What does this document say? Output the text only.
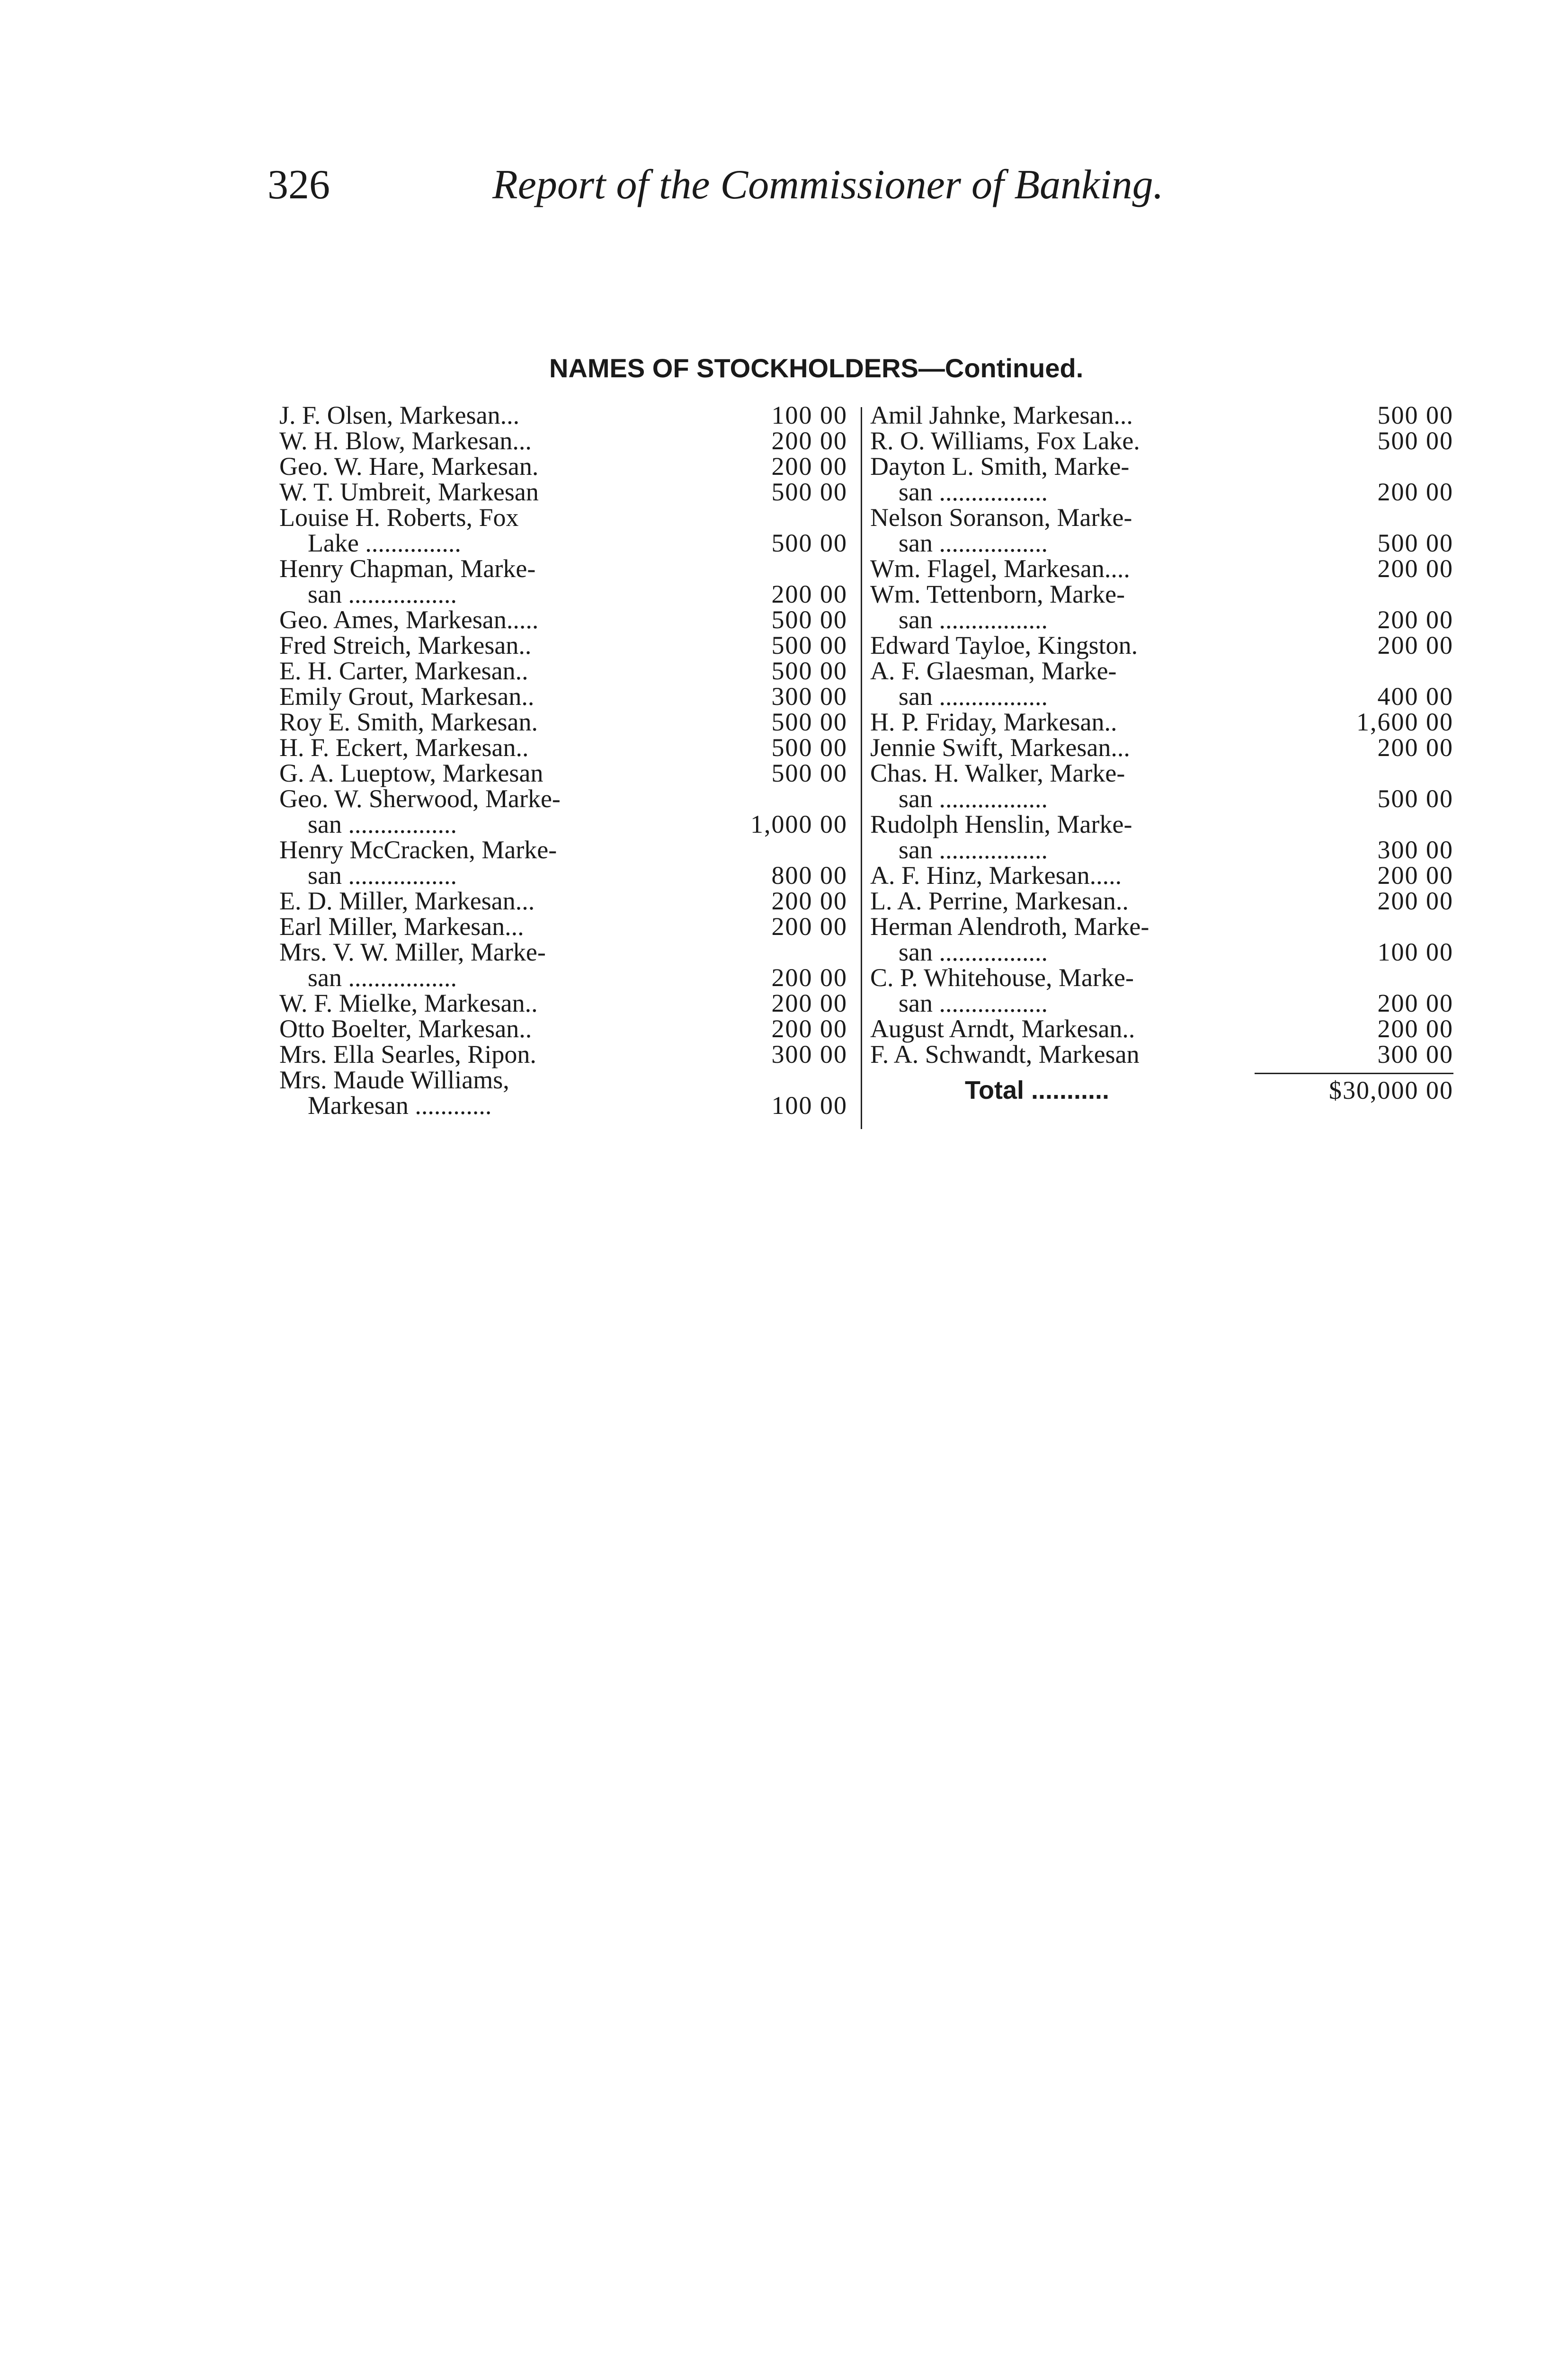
326	Report of the Commissioner of Banking.
NAMES OF STOCKHOLDERS—Continued.
J. F. Olsen, Markesan...	100 00
W. H. Blow, Markesan...	200 00
Geo. W. Hare, Markesan.	200 00
W. T. Umbreit, Markesan	500 00
Louise H. Roberts, Fox
Lake ...............	500 00
Henry Chapman, Marke-
san .................	200 00
Geo. Ames, Markesan.....	500 00
Fred Streich, Markesan..	500 00
E. H. Carter, Markesan..	500 00
Emily Grout, Markesan..	300 00
Roy E. Smith, Markesan.	500 00
H. F. Eckert, Markesan..	500 00
G. A. Lueptow, Markesan	500 00
Geo. W. Sherwood, Marke-
san .................	1,000 00
Henry McCracken, Marke-
san .................	800 00
E. D. Miller, Markesan...	200 00
Earl Miller, Markesan...	200 00
Mrs. V. W. Miller, Marke-
san .................	200 00
W. F. Mielke, Markesan..	200 00
Otto Boelter, Markesan..	200 00
Mrs. Ella Searles, Ripon.	300 00
Mrs. Maude Williams,
Markesan ............	100 00
Amil Jahnke, Markesan...	500 00
R. O. Williams, Fox Lake.	500 00
Dayton L. Smith, Marke-
san .................	200 00
Nelson Soranson, Marke-
san .................	500 00
Wm. Flagel, Markesan....	200 00
Wm. Tettenborn, Marke-
san .................	200 00
Edward Tayloe, Kingston.	200 00
A. F. Glaesman, Marke-
san .................	400 00
H. P. Friday, Markesan..	1,600 00
Jennie Swift, Markesan...	200 00
Chas. H. Walker, Marke-
san .................	500 00
Rudolph Henslin, Marke-
san .................	300 00
A. F. Hinz, Markesan.....	200 00
L. A. Perrine, Markesan..	200 00
Herman Alendroth, Marke-
san .................	100 00
C. P. Whitehouse, Marke-
san .................	200 00
August Arndt, Markesan..	200 00
F. A. Schwandt, Markesan	300 00
Total ...........	$30,000 00
